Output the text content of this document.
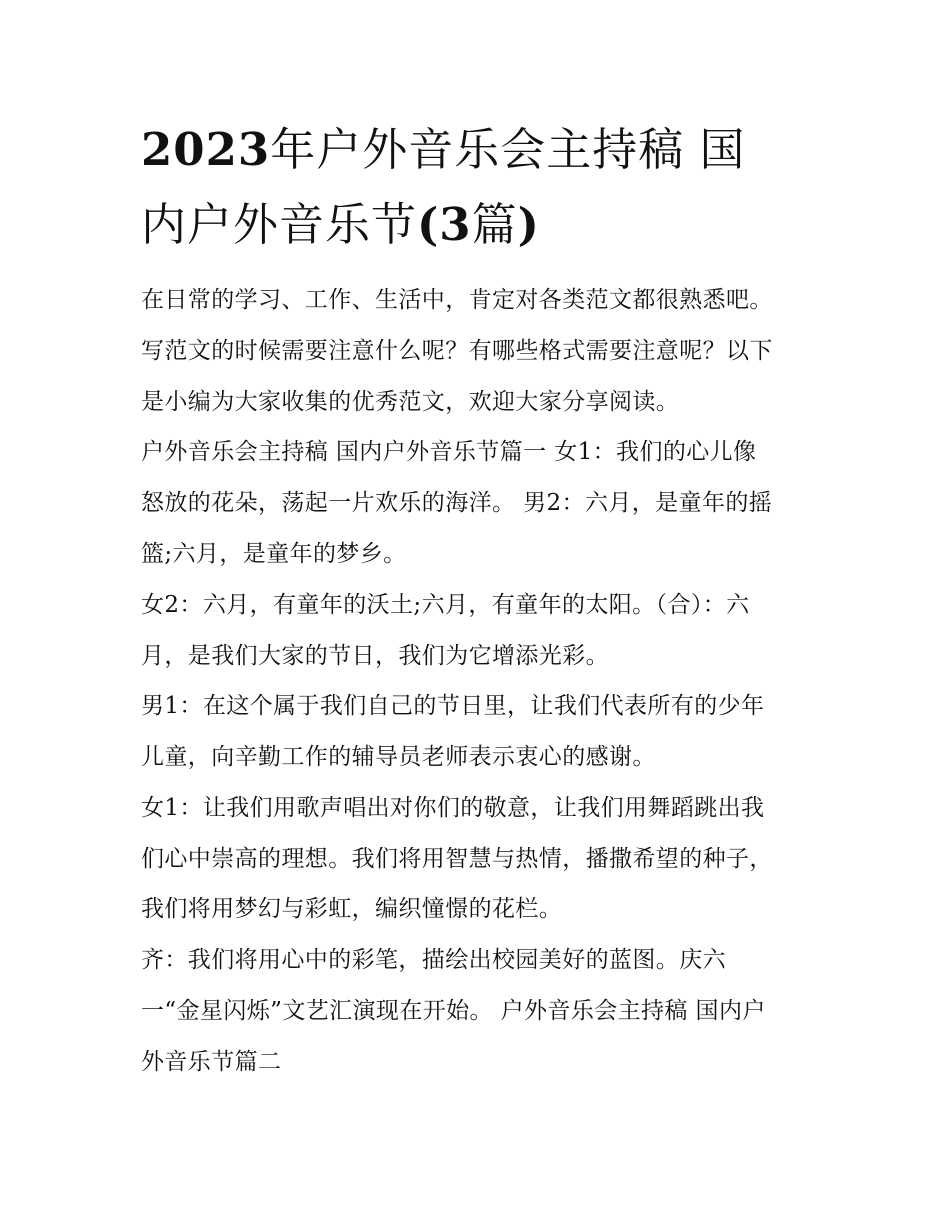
2023年户外音乐会主持稿 国
内户外音乐节(3篇)
在日常的学习、工作、生活中，肯定对各类范文都很熟悉吧。
写范文的时候需要注意什么呢？有哪些格式需要注意呢？以下
是小编为大家收集的优秀范文，欢迎大家分享阅读。
户外音乐会主持稿 国内户外音乐节篇一 女1：我们的心儿像
怒放的花朵，荡起一片欢乐的海洋。 男2：六月，是童年的摇
篮;六月，是童年的梦乡。
女2：六月，有童年的沃土;六月，有童年的太阳。（合）：六
月，是我们大家的节日，我们为它增添光彩。
男1：在这个属于我们自己的节日里，让我们代表所有的少年
儿童，向辛勤工作的辅导员老师表示衷心的感谢。
女1：让我们用歌声唱出对你们的敬意，让我们用舞蹈跳出我
们心中崇高的理想。我们将用智慧与热情，播撒希望的种子，
我们将用梦幻与彩虹，编织憧憬的花栏。
齐：我们将用心中的彩笔，描绘出校园美好的蓝图。庆六
一“金星闪烁”文艺汇演现在开始。 户外音乐会主持稿 国内户
外音乐节篇二
